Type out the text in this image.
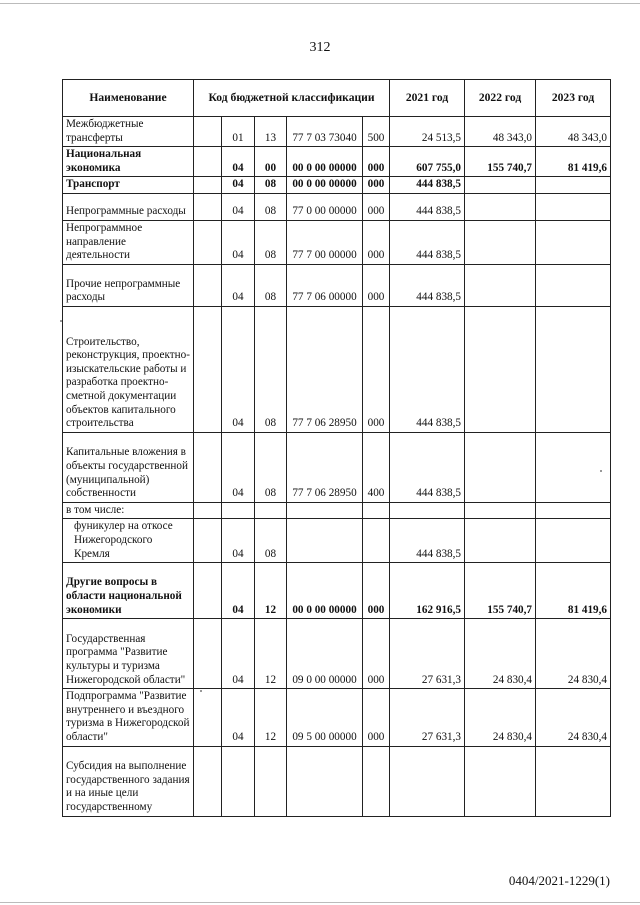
312
Наименование	Код бюджетной классификации					2021 год	2022 год	2023 год

Межбюджетные трансферты		01	13	77 7 03 73040	500	24 513,5	48 343,0	48 343,0

Национальная экономика		04	00	00 0 00 00000	000	607 755,0	155 740,7	81 419,6

Транспорт		04	08	00 0 00 00000	000	444 838,5		

Непрограммные расходы		04	08	77 0 00 00000	000	444 838,5		

Непрограммное направление деятельности		04	08	77 7 00 00000	000	444 838,5		

Прочие непрограммные расходы		04	08	77 7 06 00000	000	444 838,5		

Строительство, реконструкция, проектно-изыскательские работы и разработка проектно-сметной документации объектов капитального строительства		04	08	77 7 06 28950	000	444 838,5		

Капитальные вложения в объекты государственной (муниципальной) собственности		04	08	77 7 06 28950	400	444 838,5		

в том числе:								

фуникулер на откосе Нижегородского Кремля		04	08			444 838,5		

Другие вопросы в области национальной экономики		04	12	00 0 00 00000	000	162 916,5	155 740,7	81 419,6

Государственная программа "Развитие культуры и туризма Нижегородской области"		04	12	09 0 00 00000	000	27 631,3	24 830,4	24 830,4

Подпрограмма "Развитие внутреннего и въездного туризма в Нижегородской области"		04	12	09 5 00 00000	000	27 631,3	24 830,4	24 830,4

Субсидия на выполнение государственного задания и на иные цели государственному								

0404/2021-1229(1)
